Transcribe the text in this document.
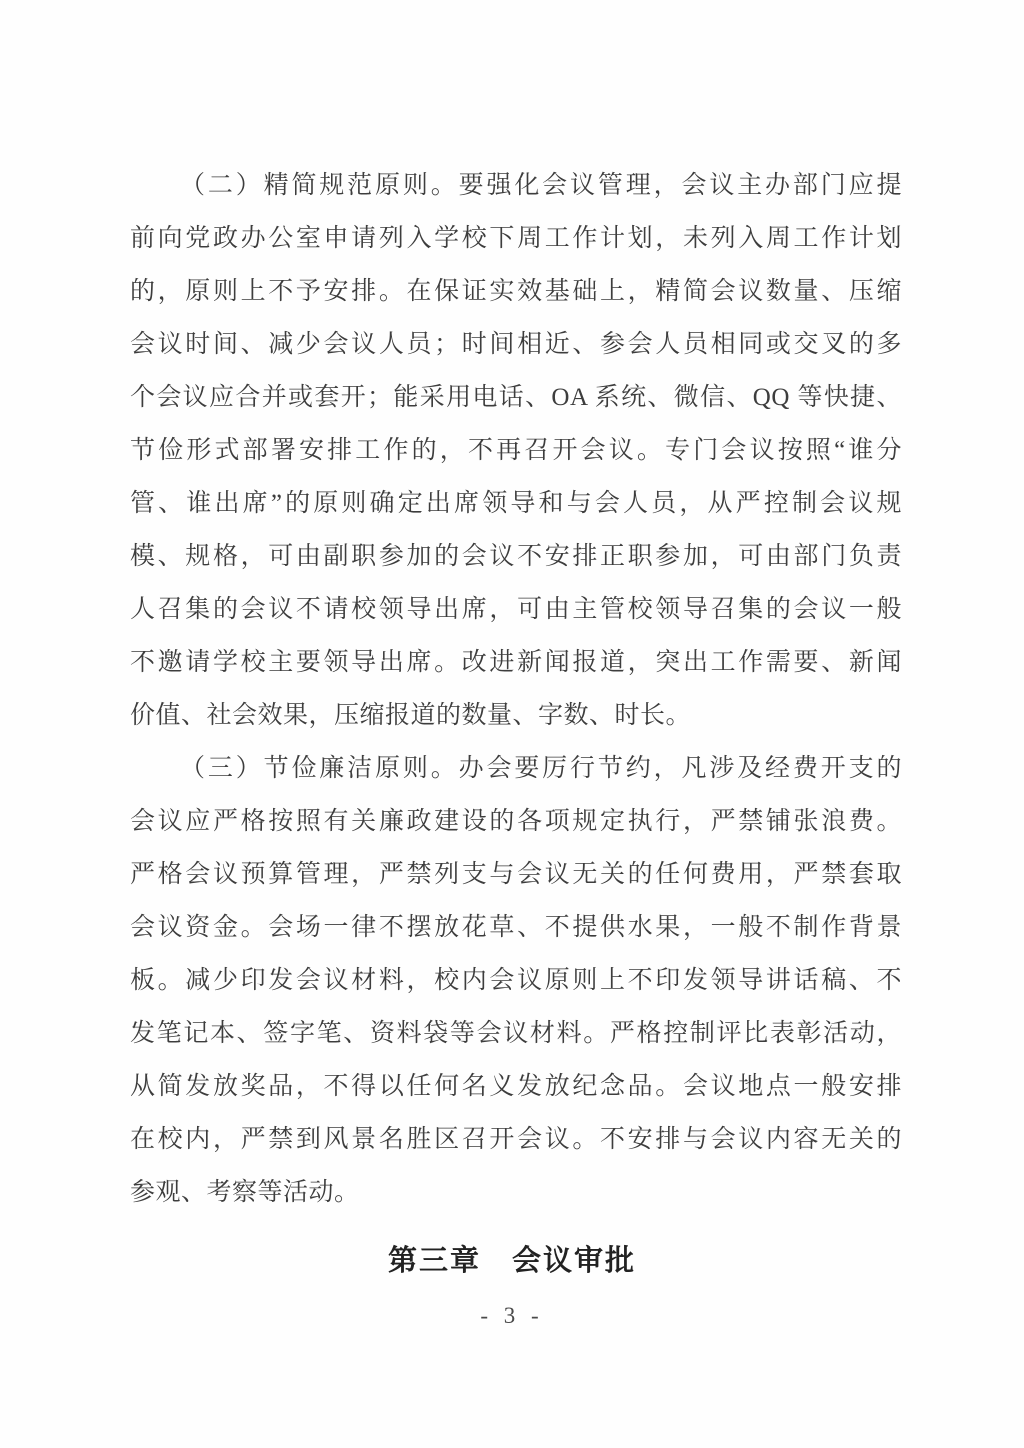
（二）精简规范原则。要强化会议管理，会议主办部门应提
前向党政办公室申请列入学校下周工作计划，未列入周工作计划
的，原则上不予安排。在保证实效基础上，精简会议数量、压缩
会议时间、减少会议人员；时间相近、参会人员相同或交叉的多
个会议应合并或套开；能采用电话、OA 系统、微信、QQ 等快捷、
节俭形式部署安排工作的，不再召开会议。专门会议按照“谁分
管、谁出席”的原则确定出席领导和与会人员，从严控制会议规
模、规格，可由副职参加的会议不安排正职参加，可由部门负责
人召集的会议不请校领导出席，可由主管校领导召集的会议一般
不邀请学校主要领导出席。改进新闻报道，突出工作需要、新闻
价值、社会效果，压缩报道的数量、字数、时长。
（三）节俭廉洁原则。办会要厉行节约，凡涉及经费开支的
会议应严格按照有关廉政建设的各项规定执行，严禁铺张浪费。
严格会议预算管理，严禁列支与会议无关的任何费用，严禁套取
会议资金。会场一律不摆放花草、不提供水果，一般不制作背景
板。减少印发会议材料，校内会议原则上不印发领导讲话稿、不
发笔记本、签字笔、资料袋等会议材料。严格控制评比表彰活动，
从简发放奖品，不得以任何名义发放纪念品。会议地点一般安排
在校内，严禁到风景名胜区召开会议。不安排与会议内容无关的
参观、考察等活动。
第三章　会议审批
- 3 -
